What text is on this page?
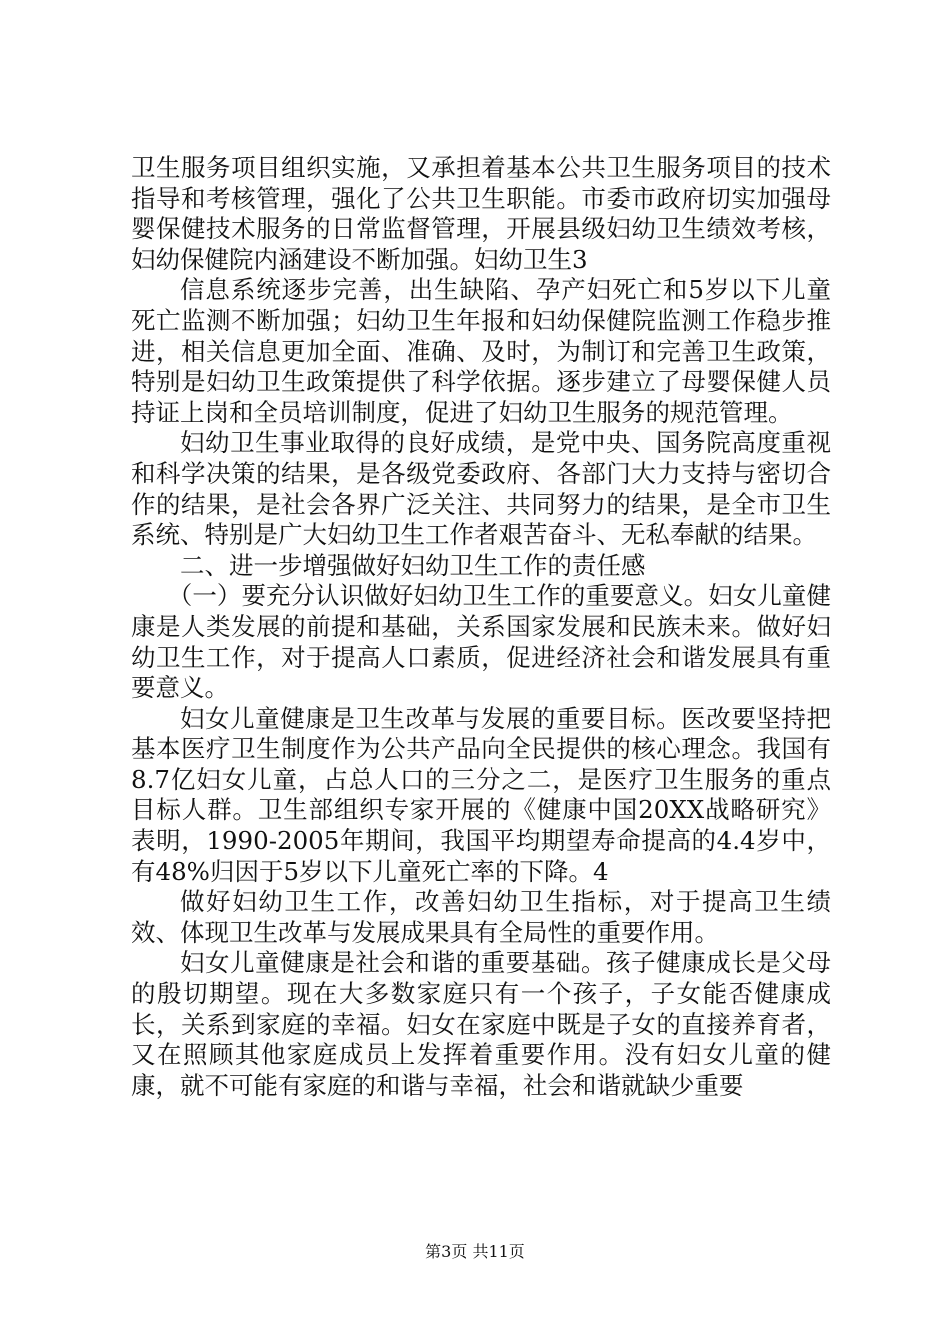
卫生服务项目组织实施，又承担着基本公共卫生服务项目的技术指导和考核管理，强化了公共卫生职能。市委市政府切实加强母婴保健技术服务的日常监督管理，开展县级妇幼卫生绩效考核，妇幼保健院内涵建设不断加强。妇幼卫生3

信息系统逐步完善，出生缺陷、孕产妇死亡和5岁以下儿童死亡监测不断加强；妇幼卫生年报和妇幼保健院监测工作稳步推进，相关信息更加全面、准确、及时，为制订和完善卫生政策，特别是妇幼卫生政策提供了科学依据。逐步建立了母婴保健人员持证上岗和全员培训制度，促进了妇幼卫生服务的规范管理。

妇幼卫生事业取得的良好成绩，是党中央、国务院高度重视和科学决策的结果，是各级党委政府、各部门大力支持与密切合作的结果，是社会各界广泛关注、共同努力的结果，是全市卫生系统、特别是广大妇幼卫生工作者艰苦奋斗、无私奉献的结果。

二、进一步增强做好妇幼卫生工作的责任感

（一）要充分认识做好妇幼卫生工作的重要意义。妇女儿童健康是人类发展的前提和基础，关系国家发展和民族未来。做好妇幼卫生工作，对于提高人口素质，促进经济社会和谐发展具有重要意义。

妇女儿童健康是卫生改革与发展的重要目标。医改要坚持把基本医疗卫生制度作为公共产品向全民提供的核心理念。我国有8.7亿妇女儿童，占总人口的三分之二，是医疗卫生服务的重点目标人群。卫生部组织专家开展的《健康中国20XX战略研究》表明，1990-2005年期间，我国平均期望寿命提高的4.4岁中，有48%归因于5岁以下儿童死亡率的下降。4

做好妇幼卫生工作，改善妇幼卫生指标，对于提高卫生绩效、体现卫生改革与发展成果具有全局性的重要作用。

妇女儿童健康是社会和谐的重要基础。孩子健康成长是父母的殷切期望。现在大多数家庭只有一个孩子，子女能否健康成长，关系到家庭的幸福。妇女在家庭中既是子女的直接养育者，又在照顾其他家庭成员上发挥着重要作用。没有妇女儿童的健康，就不可能有家庭的和谐与幸福，社会和谐就缺少重要

第3页 共11页
